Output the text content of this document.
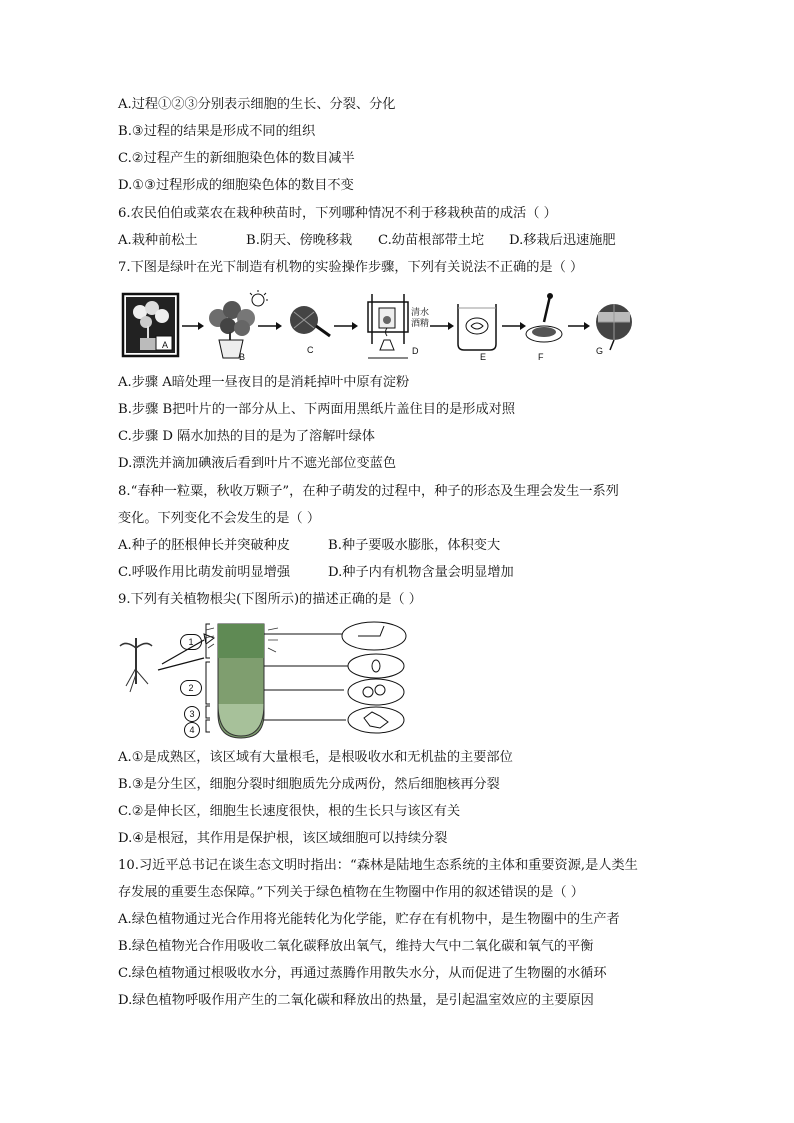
A.过程①②③分别表示细胞的生长、分裂、分化
B.③过程的结果是形成不同的组织
C.②过程产生的新细胞染色体的数目减半
D.①③过程形成的细胞染色体的数目不变
6.农民伯伯或菜农在栽种秧苗时，下列哪种情况不利于移栽秧苗的成活（ ）
A.栽种前松土	B.阴天、傍晚移栽 C.幼苗根部带土坨 D.移栽后迅速施肥
7.下图是绿叶在光下制造有机物的实验操作步骤，下列有关说法不正确的是（ ）
A
B
C	D
E	F
G
清水
酒精
A.步骤 A暗处理一昼夜目的是消耗掉叶中原有淀粉
B.步骤 B把叶片的一部分从上、下两面用黑纸片盖住目的是形成对照
C.步骤 D 隔水加热的目的是为了溶解叶绿体
D.漂洗并滴加碘液后看到叶片不遮光部位变蓝色
8.“春种一粒粟，秋收万颗子”，在种子萌发的过程中，种子的形态及生理会发生一系列
变化。下列变化不会发生的是（ ）
A.种子的胚根伸长并突破种皮	B.种子要吸水膨胀，体积变大
C.呼吸作用比萌发前明显增强	D.种子内有机物含量会明显增加
9.下列有关植物根尖(下图所示)的描述正确的是（ ）
1
2
3
4
A.①是成熟区，该区域有大量根毛，是根吸收水和无机盐的主要部位
B.③是分生区，细胞分裂时细胞质先分成两份，然后细胞核再分裂
C.②是伸长区，细胞生长速度很快，根的生长只与该区有关
D.④是根冠，其作用是保护根，该区域细胞可以持续分裂
10.习近平总书记在谈生态文明时指出：“森林是陆地生态系统的主体和重要资源,是人类生
存发展的重要生态保障。”下列关于绿色植物在生物圈中作用的叙述错误的是（ ）
A.绿色植物通过光合作用将光能转化为化学能，贮存在有机物中，是生物圈中的生产者
B.绿色植物光合作用吸收二氧化碳释放出氧气，维持大气中二氧化碳和氧气的平衡
C.绿色植物通过根吸收水分，再通过蒸腾作用散失水分，从而促进了生物圈的水循环
D.绿色植物呼吸作用产生的二氧化碳和释放出的热量，是引起温室效应的主要原因
